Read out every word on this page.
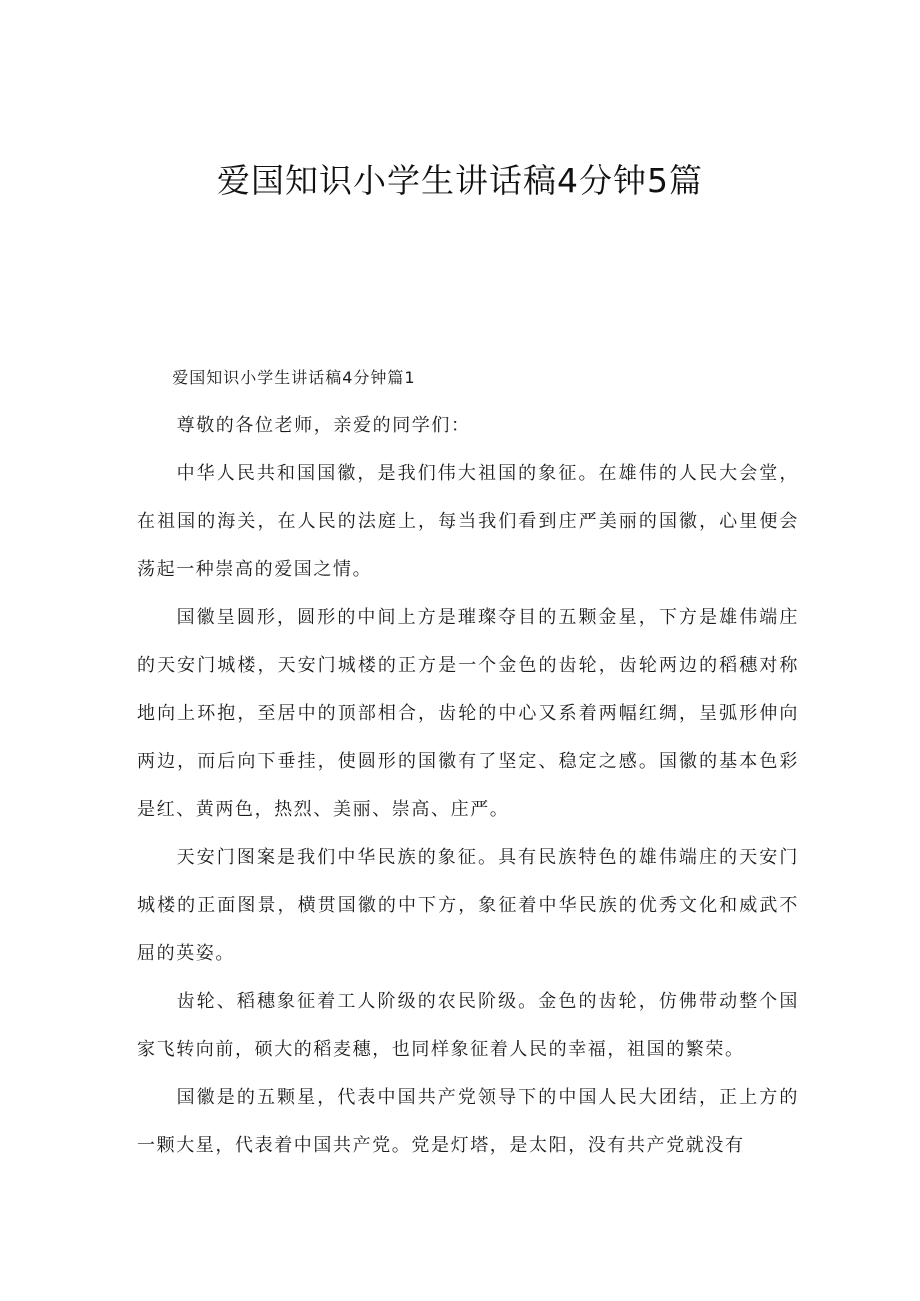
爱国知识小学生讲话稿4分钟5篇

爱国知识小学生讲话稿4分钟篇1

尊敬的各位老师，亲爱的同学们：

中华人民共和国国徽，是我们伟大祖国的象征。在雄伟的人民大会堂，在祖国的海关，在人民的法庭上，每当我们看到庄严美丽的国徽，心里便会荡起一种崇高的爱国之情。

国徽呈圆形，圆形的中间上方是璀璨夺目的五颗金星，下方是雄伟端庄的天安门城楼，天安门城楼的正方是一个金色的齿轮，齿轮两边的稻穗对称地向上环抱，至居中的顶部相合，齿轮的中心又系着两幅红绸，呈弧形伸向两边，而后向下垂挂，使圆形的国徽有了坚定、稳定之感。国徽的基本色彩是红、黄两色，热烈、美丽、崇高、庄严。

天安门图案是我们中华民族的象征。具有民族特色的雄伟端庄的天安门城楼的正面图景，横贯国徽的中下方，象征着中华民族的优秀文化和威武不屈的英姿。

齿轮、稻穗象征着工人阶级的农民阶级。金色的齿轮，仿佛带动整个国家飞转向前，硕大的稻麦穗，也同样象征着人民的幸福，祖国的繁荣。

国徽是的五颗星，代表中国共产党领导下的中国人民大团结，正上方的一颗大星，代表着中国共产党。党是灯塔，是太阳，没有共产党就没有
